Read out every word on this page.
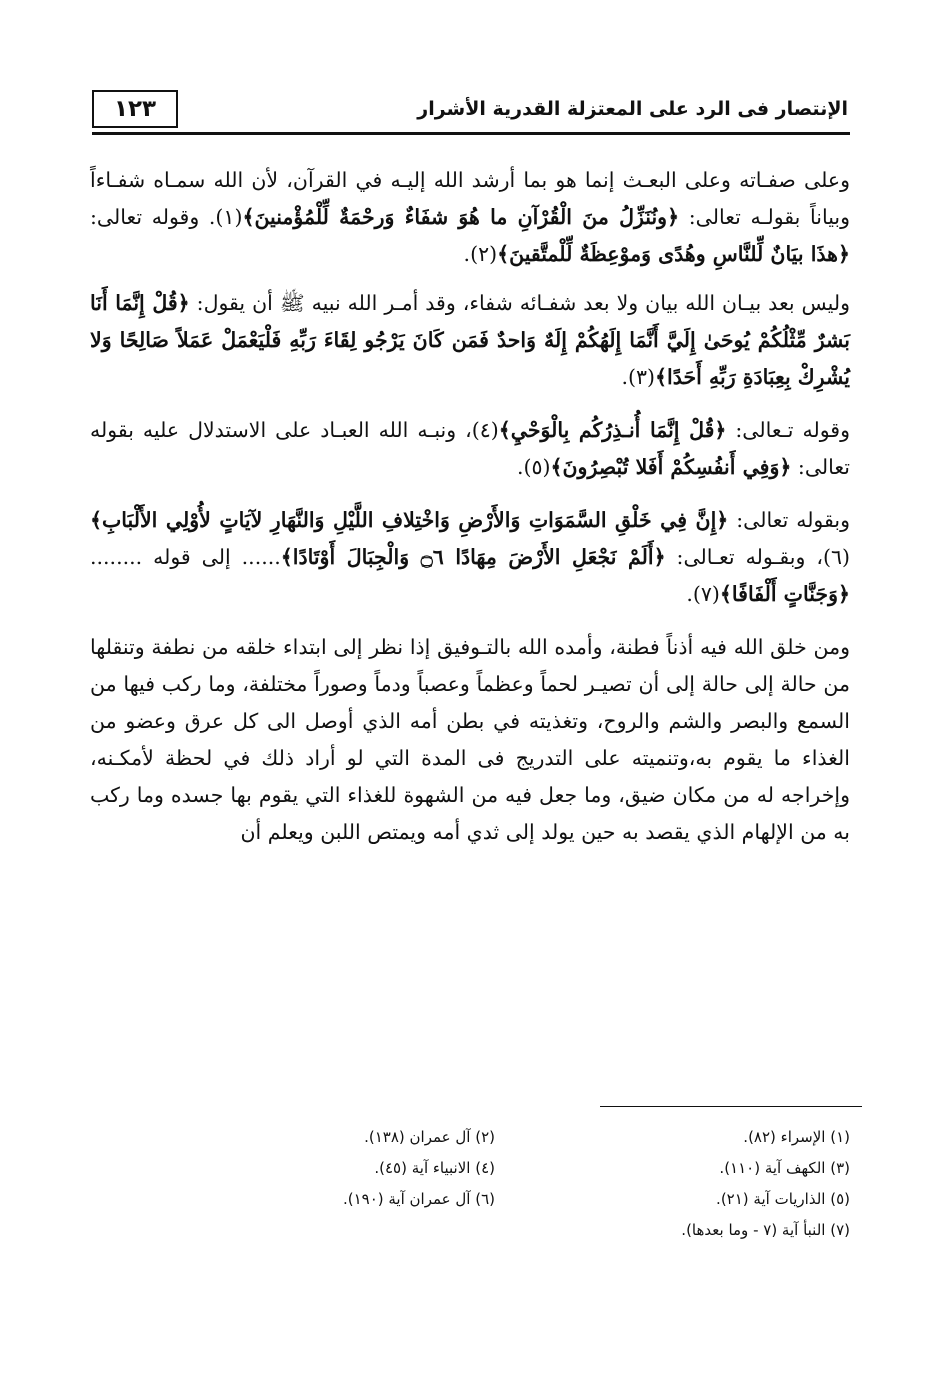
١٢٣	الإنتصار فى الرد على المعتزلة القدرية الأشرار

وعلى صفـاته وعلى البعـث إنما هو بما أرشد الله إليـه في القرآن، لأن الله سمـاه شفـاءاً وبياناً بقولـه تعالى: ﴿ونُنَزِّلُ منَ الْقُرْآنِ ما هُوَ شفَاءٌ وَرحْمَةٌ لِّلْمُؤْمنينَ﴾(١). وقوله تعالى: ﴿هذَا بيَانٌ لِّلنَّاسِ وهُدًى وَموْعِظَةٌ لِّلْمتَّقينَ﴾(٢).

وليس بعد بيـان الله بيان ولا بعد شفـائه شفاء، وقد أمـر الله نبيه ﷺ أن يقول: ﴿قُلْ إِنَّمَا أَنَا بَشرٌ مِّثْلُكُمْ يُوحَىٰ إِلَيَّ أَنَّمَا إِلَهُكُمْ إِلَهٌ وَاحدٌ فَمَن كَانَ يَرْجُو لِقَاءَ رَبِّهِ فَلْيَعْمَلْ عَمَلاً صَالِحًا وَلا يُشْرِكْ بِعِبَادَةِ رَبِّهِ أَحَدًا﴾(٣).

وقوله تـعالى: ﴿قُلْ إِنَّمَا أُنـذِرُكُم بِالْوَحْيِ﴾(٤)، ونبـه الله العبـاد على الاستدلال عليه بقوله تعالى: ﴿وَفِي أَنفُسِكُمْ أَفَلا تُبْصِرُونَ﴾(٥).

وبقوله تعالى: ﴿إِنَّ فِي خَلْقِ السَّمَوَاتِ وَالأَرْضِ وَاخْتِلافِ اللَّيْلِ وَالنَّهَارِ لآيَاتٍ لأُوْلِي الأَلْبَابِ﴾(٦)، وبقـوله تعـالى: ﴿أَلَمْ نَجْعَلِ الأَرْضَ مِهَادًا ۝٦ وَالْجِبَالَ أَوْتَادًا﴾...... إلى قوله ........﴿وَجَنَّاتٍ أَلْفَافًا﴾(٧).

ومن خلق الله فيه أذناً فطنة، وأمده الله بالتـوفيق إذا نظر إلى ابتداء خلقه من نطفة وتنقلها من حالة إلى حالة إلى أن تصيـر لحماً وعظماً وعصباً ودماً وصوراً مختلفة، وما ركب فيها من السمع والبصر والشم والروح، وتغذيته في بطن أمه الذي أوصل الى كل عرق وعضو من الغذاء ما يقوم به،وتنميته على التدريج فى المدة التي لو أراد ذلك في لحظة لأمكـنه، وإخراجه له من مكان ضيق، وما جعل فيه من الشهوة للغذاء التي يقوم بها جسده وما ركب به من الإلهام الذي يقصد به حين يولد إلى ثدي أمه ويمتص اللبن ويعلم أن

(١) الإسراء (٨٢).
(٢) آل عمران (١٣٨).
(٣) الكهف آية (١١٠).
(٤) الانبياء آية (٤٥).
(٥) الذاريات آية (٢١).
(٦) آل عمران آية (١٩٠).
(٧) النبأ آية (٧ - وما بعدها).
